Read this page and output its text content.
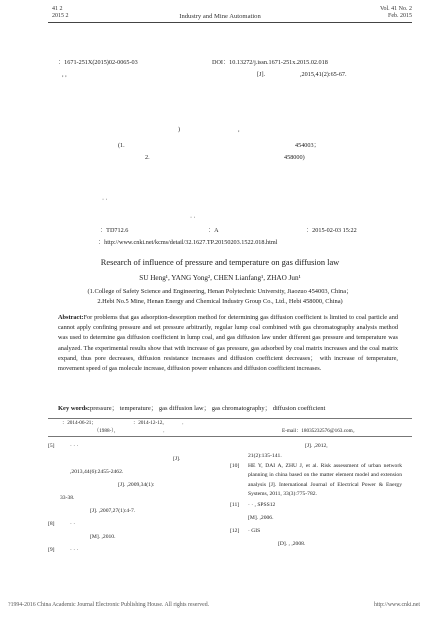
41 2
2015 2	Industry and Mine Automation
Vol. 41 No. 2
Feb. 2015
：1671-251X(2015)02-0065-03	DOI：10.13272/j.issn.1671-251x.2015.02.018
, ,	[J].	,2015,41(2):65-67.
)	,
(1.	454003；
2.	458000)
· ·
· ·
：TD712.6	：A	：2015-02-03 15:22
：http://www.cnki.net/kcms/detail/32.1627.TP.20150203.1522.018.html
Research of influence of pressure and temperature on gas diffusion law
SU Heng¹, YANG Yong², CHEN Lianfang¹, ZHAO Jun¹
(1.College of Safety Science and Engineering, Henan Polytechnic University, Jiaozuo 454003, China；
2.Hebi No.5 Mine, Henan Energy and Chemical Industry Group Co., Ltd., Hebi 458000, China)
Abstract:For problems that gas adsorption-desorption method for determining gas diffusion coefficient is limited to coal particle and cannot apply confining pressure and set pressure arbitrarily, regular lump coal combined with gas chromatography analysis method was used to determine gas diffusion coefficient in lump coal, and gas diffusion law under different gas pressure and temperature was analyzed. The experimental results show that with increase of gas pressure, gas adsorbed by coal matrix increases and the coal matrix expand, thus pore decreases, diffusion resistance increases and diffusion coefficient decreases； with increase of temperature, movement speed of gas molecule increase, diffusion power enhances and diffusion coefficient increases.
Key words:pressure； temperature； gas diffusion law； gas chromatography； diffusion coefficient
：2014-06-21；	：2014-12-12。	．
（1988-），	．	E-mail：18035232576@163.com。
[5]	· · ·
[J].
,2013,44(6):2455-2462.
[J]. ,2009,34(1):
33-38.
[J]. ,2007,27(1):4-7.
[8]	· ·
[M]. ,2010.
[9]	· · ·
[J]. ,2012,
21(2):135-141.
[10]	HE Y, DAI A, ZHU J, et al. Risk assessment of urban network planning in china based on the matter element model and extension analysis [J]. International Journal of Electrical Power & Energy Systems, 2011, 33(3):775-782.
[11] · · , SPSS12
[M]. ,2006.
[12] · GIS
[D]. , ,2008.
?1994-2016 China Academic Journal Electronic Publishing House. All rights reserved.	http://www.cnki.net
